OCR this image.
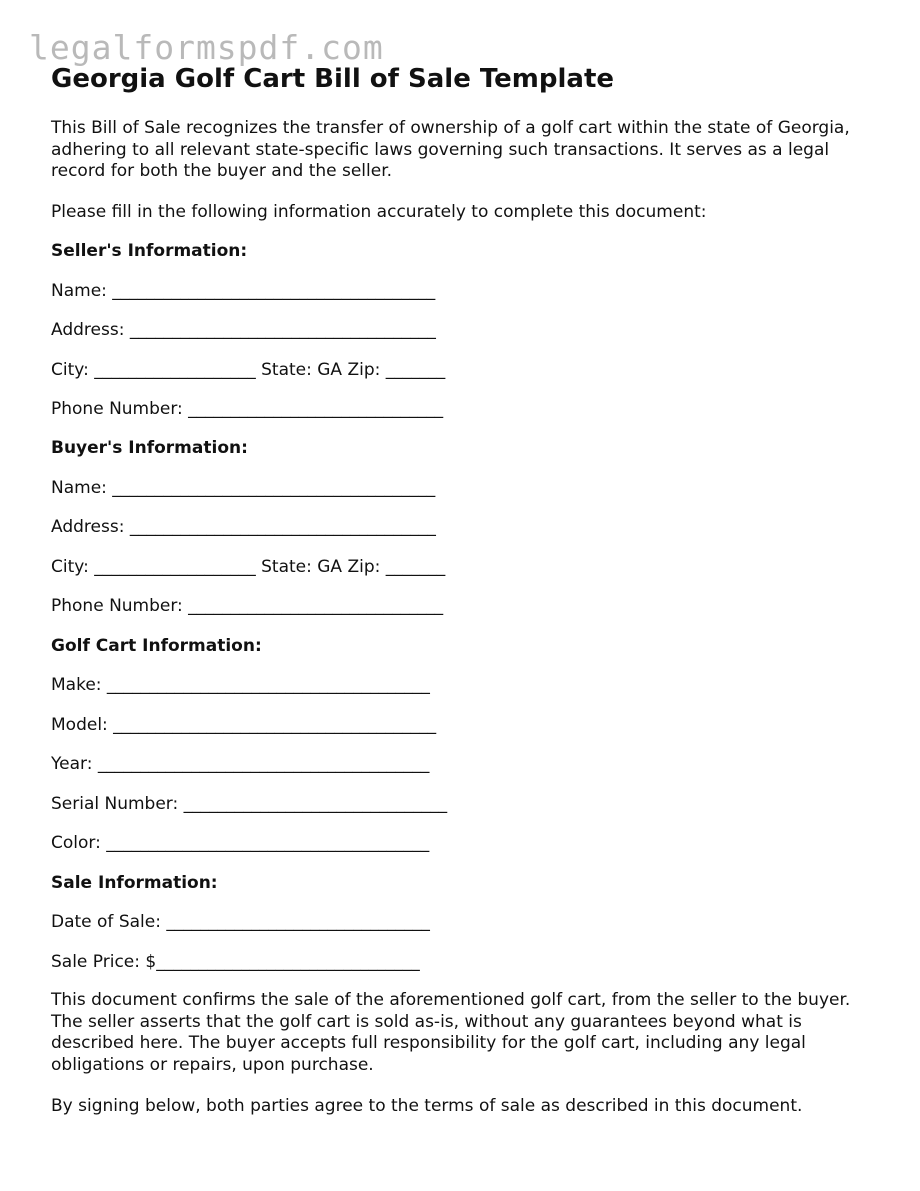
legalformspdf.com
Georgia Golf Cart Bill of Sale Template

This Bill of Sale recognizes the transfer of ownership of a golf cart within the state of Georgia, adhering to all relevant state-specific laws governing such transactions. It serves as a legal record for both the buyer and the seller.

Please fill in the following information accurately to complete this document:

Seller's Information:

Name: ______________________________________

Address: ____________________________________

City: ___________________ State: GA Zip: _______

Phone Number: ______________________________

Buyer's Information:

Name: ______________________________________

Address: ____________________________________

City: ___________________ State: GA Zip: _______

Phone Number: ______________________________

Golf Cart Information:

Make: ______________________________________

Model: ______________________________________

Year: _______________________________________

Serial Number: _______________________________

Color: ______________________________________

Sale Information:

Date of Sale: _______________________________

Sale Price: $_______________________________

This document confirms the sale of the aforementioned golf cart, from the seller to the buyer. The seller asserts that the golf cart is sold as-is, without any guarantees beyond what is described here. The buyer accepts full responsibility for the golf cart, including any legal obligations or repairs, upon purchase.

By signing below, both parties agree to the terms of sale as described in this document.
